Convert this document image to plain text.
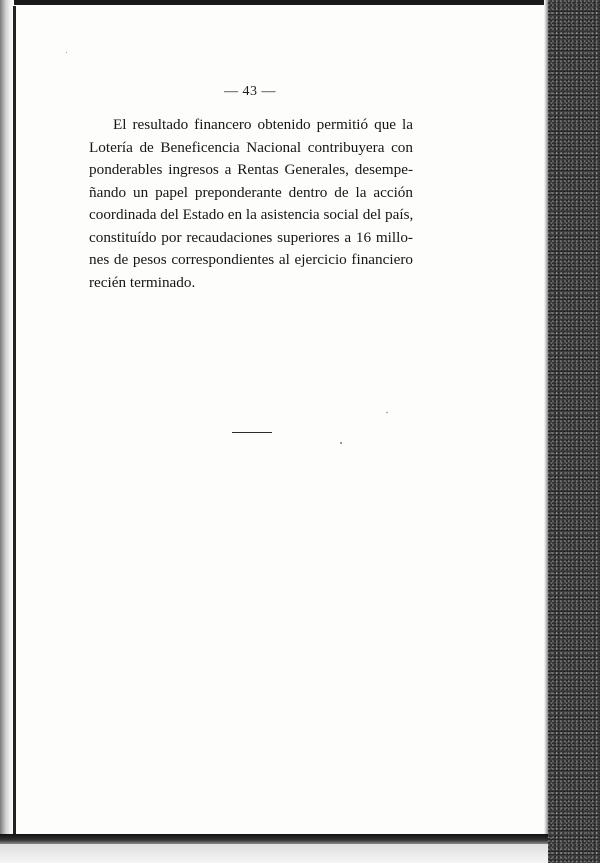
— 43 —

El resultado financero obtenido permitió que la
Lotería de Beneficencia Nacional contribuyera con
ponderables ingresos a Rentas Generales, desempe-
ñando un papel preponderante dentro de la acción
coordinada del Estado en la asistencia social del país,
constituído por recaudaciones superiores a 16 millo-
nes de pesos correspondientes al ejercicio financiero
recién terminado.
